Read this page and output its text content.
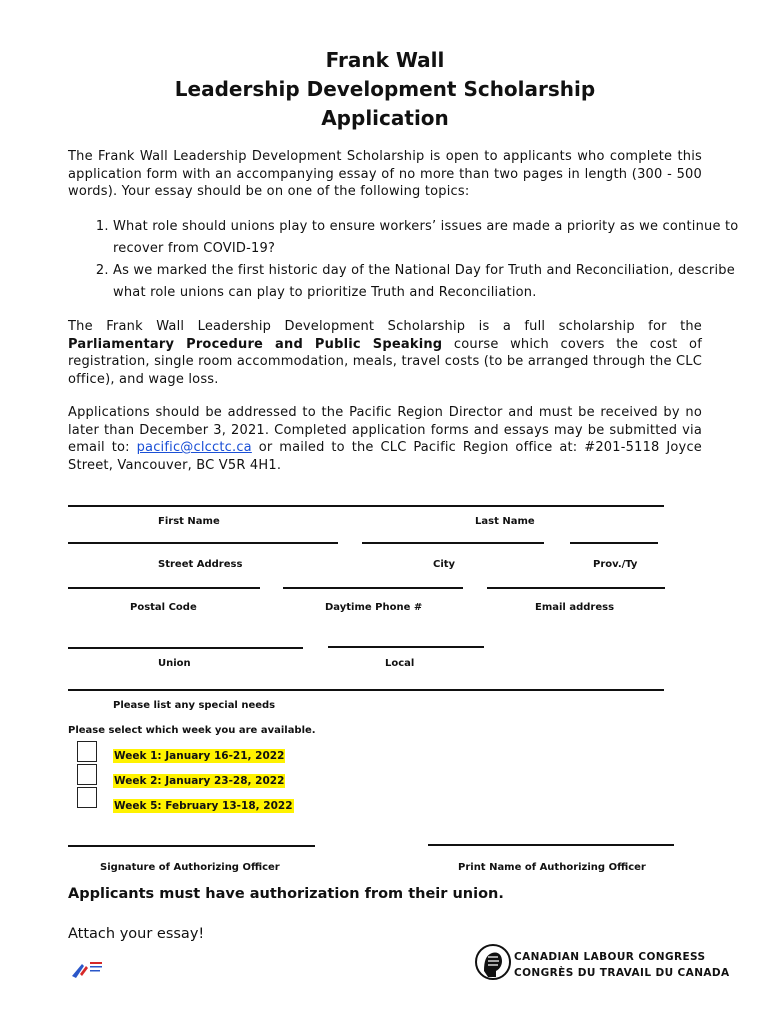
Frank Wall
Leadership Development Scholarship
Application
The Frank Wall Leadership Development Scholarship is open to applicants who complete this application form with an accompanying essay of no more than two pages in length (300 - 500 words). Your essay should be on one of the following topics:
1. What role should unions play to ensure workers’ issues are made a priority as we continue to recover from COVID-19?
2. As we marked the first historic day of the National Day for Truth and Reconciliation, describe what role unions can play to prioritize Truth and Reconciliation.
The Frank Wall Leadership Development Scholarship is a full scholarship for the Parliamentary Procedure and Public Speaking course which covers the cost of registration, single room accommodation, meals, travel costs (to be arranged through the CLC office), and wage loss.
Applications should be addressed to the Pacific Region Director and must be received by no later than December 3, 2021. Completed application forms and essays may be submitted via email to: pacific@clcctc.ca or mailed to the CLC Pacific Region office at: #201-5118 Joyce Street, Vancouver, BC V5R 4H1.
First Name	Last Name
Street Address	City	Prov./Ty
Postal Code	Daytime Phone #	Email address
Union	Local
Please list any special needs
Please select which week you are available.
Week 1: January 16-21, 2022
Week 2: January 23-28, 2022
Week 5: February 13-18, 2022
Signature of Authorizing Officer	Print Name of Authorizing Officer
Applicants must have authorization from their union.
Attach your essay!
CANADIAN LABOUR CONGRESS
CONGRÈS DU TRAVAIL DU CANADA
